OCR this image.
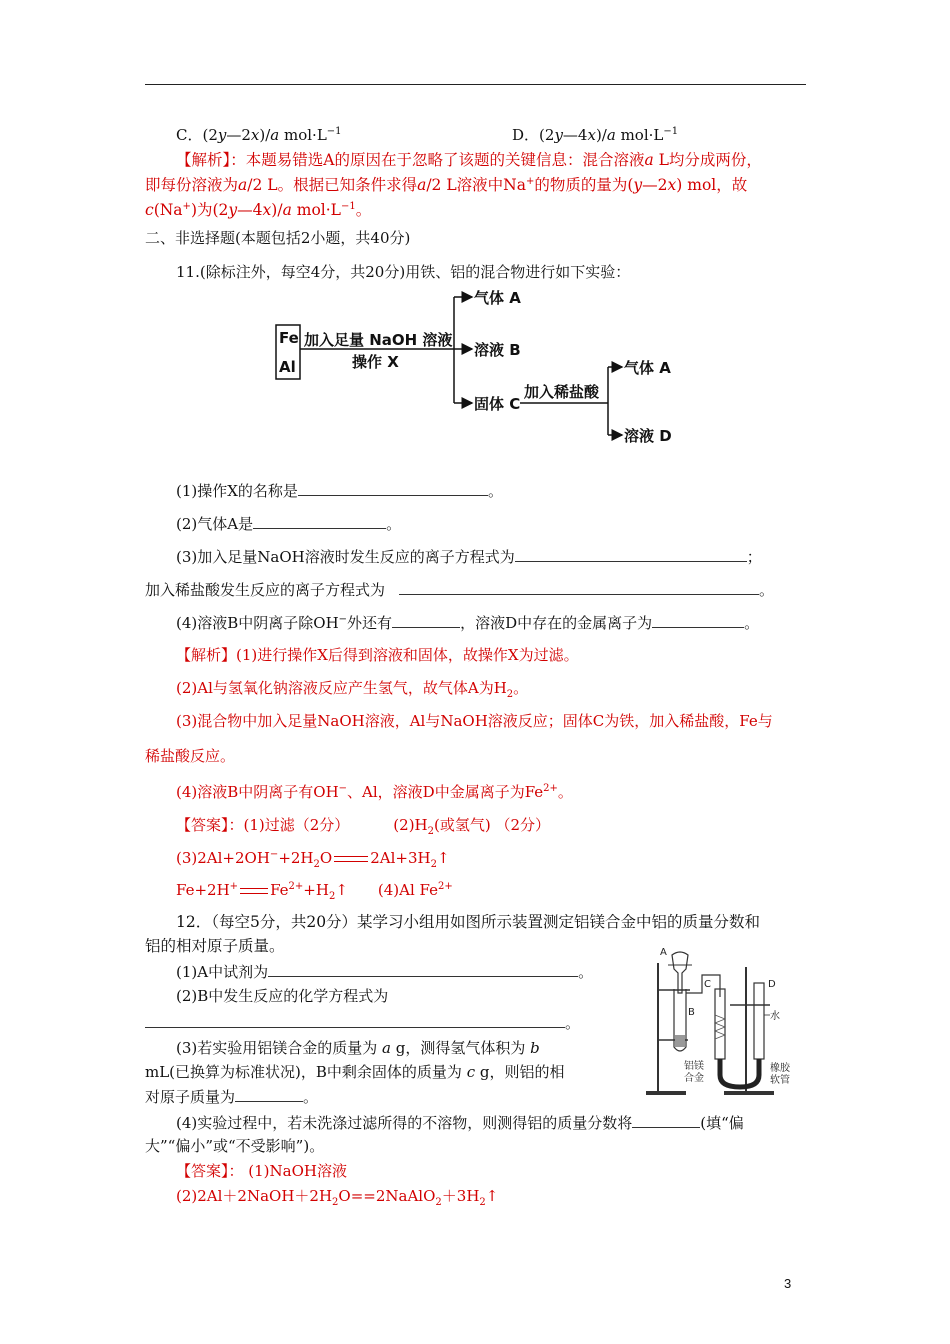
C．(2y—2x)/a $mol\cdot L^{-1}$	D．(2y—4x)/a $mol\cdot L^{-1}$
【解析】：本题易错选A的原因在于忽略了该题的关键信息：混合溶液a L均分成两份，
即每份溶液为a/2 L。根据已知条件求得a/2 L溶液中Na+的物质的量为(y—2x) mol，故
c(Na+)为(2y—4x)/a $mol\cdot L^{-1}$。
二、非选择题(本题包括2小题，共40分)
11.(除标注外，每空4分，共20分)用铁、铝的混合物进行如下实验：
Fe
Al
加入足量 NaOH 溶液
操作 X
气体 A
溶液 B
固体 C
加入稀盐酸
气体 A
溶液 D
(1)操作X的名称是	。
(2)气体A是	。
(3)加入足量NaOH溶液时发生反应的离子方程式为	；
加入稀盐酸发生反应的离子方程式为	。
(4)溶液B中阴离子除OH−外还有	，溶液D中存在的金属离子为	。
【解析】(1)进行操作X后得到溶液和固体，故操作X为过滤。
(2)Al与氢氧化钠溶液反应产生氢气，故气体A为$H_2$。
(3)混合物中加入足量NaOH溶液，Al与NaOH溶液反应；固体C为铁，加入稀盐酸，Fe与
稀盐酸反应。
(4)溶液B中阴离子有OH−、Al，溶液D中金属离子为$Fe^{2+}$。
【答案】：(1)过滤（2分）	$(2)H_2$(或氢气) （2分）
$(3)2Al+2OH^-+2H_2O$	$2Al+3H_2↑$
Fe+2H+ $Fe^{2+}+H_2↑$ (4)Al $Fe^{2+}$
12．（每空5分，共20分）某学习小组用如图所示装置测定铝镁合金中铝的质量分数和
铝的相对原子质量。
(1)A中试剂为	。
(2)B中发生反应的化学方程式为
。
(3)若实验用铝镁合金的质量为 a g，测得氢气体积为 b
mL(已换算为标准状况)，B中剩余固体的质量为 c g，则铝的相
对原子质量为	。
(4)实验过程中，若未洗涤过滤所得的不溶物，则测得铝的质量分数将	(填“偏
大”“偏小”或“不受影响”)。
【答案】： (1)NaOH溶液
$(2)2Al+2NaOH+2H_2O==2NaAlO_2+3H_2↑$
A
B
铝镁
合金
C	D
水
橡胶
软管
3
